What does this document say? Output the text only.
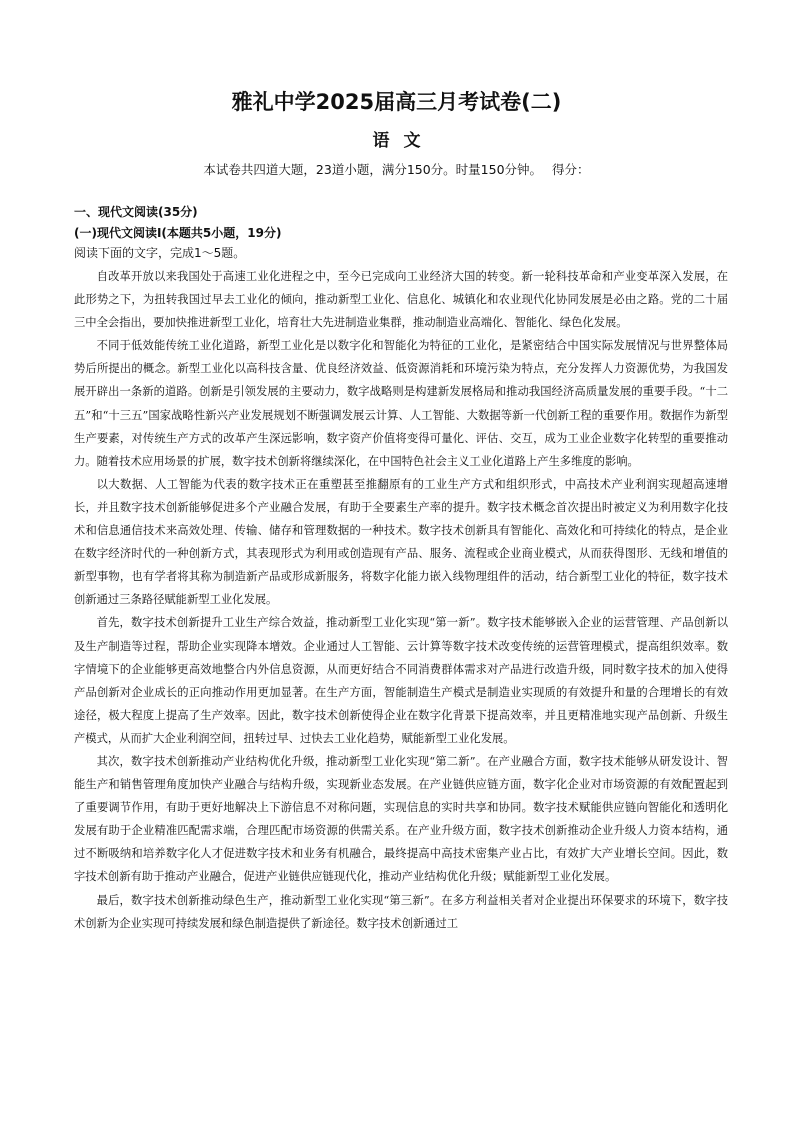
雅礼中学2025届高三月考试卷(二)
语文
本试卷共四道大题，23道小题，满分150分。时量150分钟。 得分：
一、现代文阅读(35分)
(一)现代文阅读Ⅰ(本题共5小题，19分)
阅读下面的文字，完成1～5题。

自改革开放以来我国处于高速工业化进程之中，至今已完成向工业经济大国的转变。新一轮科技革命和产业变革深入发展，在此形势之下，为扭转我国过早去工业化的倾向，推动新型工业化、信息化、城镇化和农业现代化协同发展是必由之路。党的二十届三中全会指出，要加快推进新型工业化，培育壮大先进制造业集群，推动制造业高端化、智能化、绿色化发展。

不同于低效能传统工业化道路，新型工业化是以数字化和智能化为特征的工业化，是紧密结合中国实际发展情况与世界整体局势后所提出的概念。新型工业化以高科技含量、优良经济效益、低资源消耗和环境污染为特点，充分发挥人力资源优势，为我国发展开辟出一条新的道路。创新是引领发展的主要动力，数字战略则是构建新发展格局和推动我国经济高质量发展的重要手段。“十二五”和“十三五”国家战略性新兴产业发展规划不断强调发展云计算、人工智能、大数据等新一代创新工程的重要作用。数据作为新型生产要素，对传统生产方式的改革产生深远影响，数字资产价值将变得可量化、评估、交互，成为工业企业数字化转型的重要推动力。随着技术应用场景的扩展，数字技术创新将继续深化，在中国特色社会主义工业化道路上产生多维度的影响。

以大数据、人工智能为代表的数字技术正在重塑甚至推翻原有的工业生产方式和组织形式，中高技术产业利润实现超高速增长，并且数字技术创新能够促进多个产业融合发展，有助于全要素生产率的提升。数字技术概念首次提出时被定义为利用数字化技术和信息通信技术来高效处理、传输、储存和管理数据的一种技术。数字技术创新具有智能化、高效化和可持续化的特点，是企业在数字经济时代的一种创新方式，其表现形式为利用或创造现有产品、服务、流程或企业商业模式，从而获得图形、无线和增值的新型事物，也有学者将其称为制造新产品或形成新服务，将数字化能力嵌入线物理组件的活动，结合新型工业化的特征，数字技术创新通过三条路径赋能新型工业化发展。

首先，数字技术创新提升工业生产综合效益，推动新型工业化实现“第一新”。数字技术能够嵌入企业的运营管理、产品创新以及生产制造等过程，帮助企业实现降本增效。企业通过人工智能、云计算等数字技术改变传统的运营管理模式，提高组织效率。数字情境下的企业能够更高效地整合内外信息资源，从而更好结合不同消费群体需求对产品进行改造升级，同时数字技术的加入使得产品创新对企业成长的正向推动作用更加显著。在生产方面，智能制造生产模式是制造业实现质的有效提升和量的合理增长的有效途径，极大程度上提高了生产效率。因此，数字技术创新使得企业在数字化背景下提高效率，并且更精准地实现产品创新、升级生产模式，从而扩大企业利润空间，扭转过早、过快去工业化趋势，赋能新型工业化发展。

其次，数字技术创新推动产业结构优化升级，推动新型工业化实现“第二新”。在产业融合方面，数字技术能够从研发设计、智能生产和销售管理角度加快产业融合与结构升级，实现新业态发展。在产业链供应链方面，数字化企业对市场资源的有效配置起到了重要调节作用，有助于更好地解决上下游信息不对称问题，实现信息的实时共享和协同。数字技术赋能供应链向智能化和透明化发展有助于企业精准匹配需求端，合理匹配市场资源的供需关系。在产业升级方面，数字技术创新推动企业升级人力资本结构，通过不断吸纳和培养数字化人才促进数字技术和业务有机融合，最终提高中高技术密集产业占比，有效扩大产业增长空间。因此，数字技术创新有助于推动产业融合，促进产业链供应链现代化，推动产业结构优化升级；赋能新型工业化发展。

最后，数字技术创新推动绿色生产，推动新型工业化实现“第三新”。在多方利益相关者对企业提出环保要求的环境下，数字技术创新为企业实现可持续发展和绿色制造提供了新途径。数字技术创新通过工
